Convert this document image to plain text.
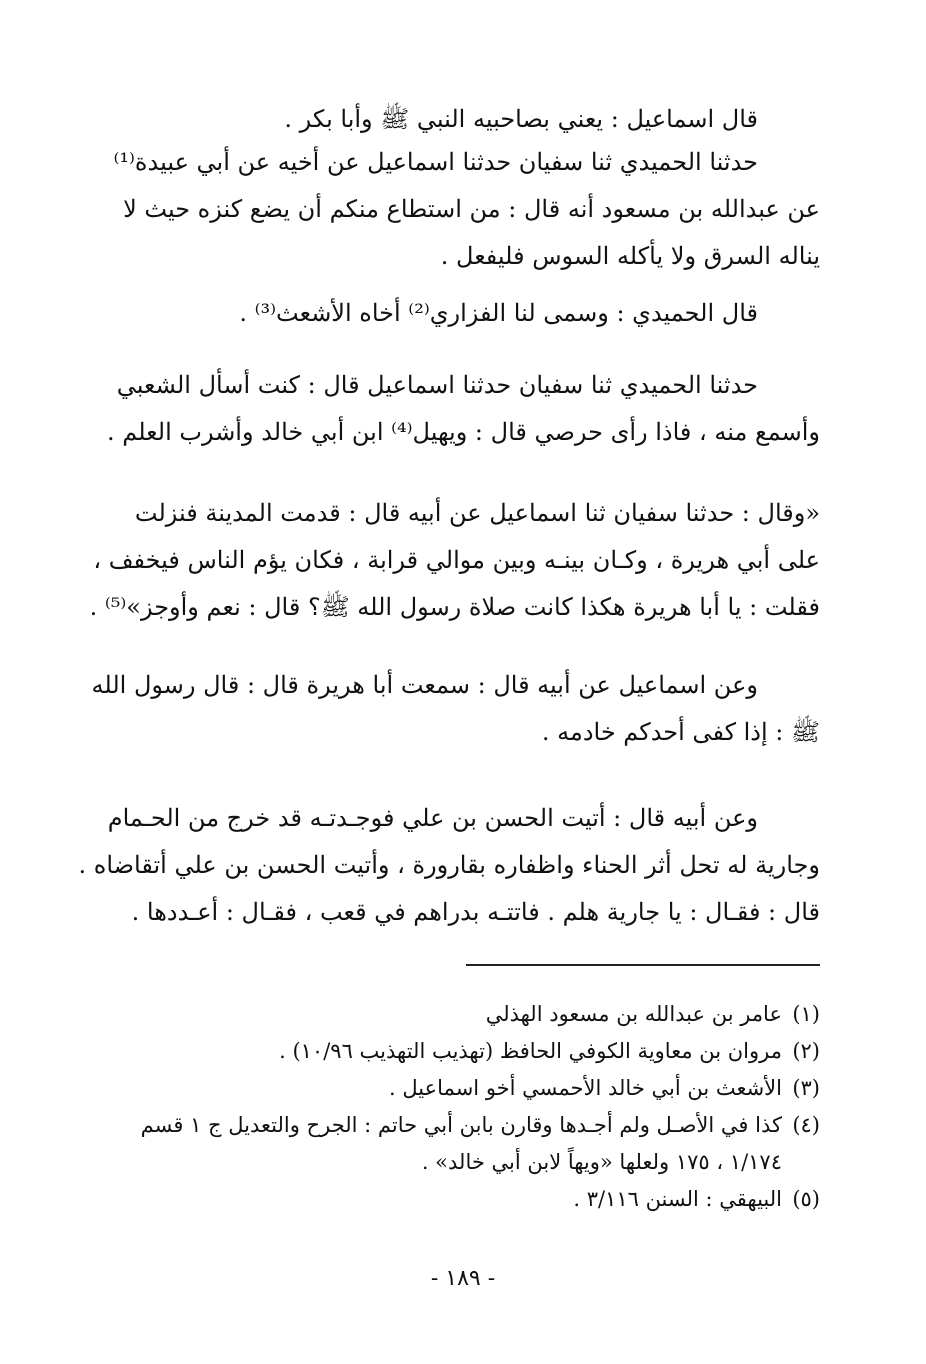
قال اسماعيل : يعني بصاحبيه النبي ﷺ وأبا بكر .
حدثنا الحميدي ثنا سفيان حدثنا اسماعيل عن أخيه عن أبي عبيدة⁽¹⁾
عن عبدالله بن مسعود أنه قال : من استطاع منكم أن يضع كنزه حيث لا
يناله السرق ولا يأكله السوس فليفعل .
قال الحميدي : وسمى لنا الفزاري⁽²⁾ أخاه الأشعث⁽³⁾ .
حدثنا الحميدي ثنا سفيان حدثنا اسماعيل قال : كنت أسأل الشعبي
وأسمع منه ، فاذا رأى حرصي قال : ويهيل⁽⁴⁾ ابن أبي خالد وأشرب العلم .
«وقال : حدثنا سفيان ثنا اسماعيل عن أبيه قال : قدمت المدينة فنزلت
على أبي هريرة ، وكـان بينـه وبين موالي قرابة ، فكان يؤم الناس فيخفف ،
فقلت : يا أبا هريرة هكذا كانت صلاة رسول الله ﷺ؟ قال : نعم وأوجز»⁽⁵⁾ .
وعن اسماعيل عن أبيه قال : سمعت أبا هريرة قال : قال رسول الله
ﷺ : إذا كفى أحدكم خادمه .
وعن أبيه قال : أتيت الحسن بن علي فوجـدتـه قد خرج من الحـمام
وجارية له تحل أثر الحناء واظفاره بقارورة ، وأتيت الحسن بن علي أتقاضاه .
قال : فقـال : يا جارية هلم . فاتتـه بدراهم في قعب ، فقـال : أعـددها .
(١)عامر بن عبدالله بن مسعود الهذلي
(٢)مروان بن معاوية الكوفي الحافظ (تهذيب التهذيب ١٠/٩٦) .
(٣)الأشعث بن أبي خالد الأحمسي أخو اسماعيل .
(٤)كذا في الأصـل ولم أجـدها وقارن بابن أبي حاتم : الجرح والتعديل ج ١ قسم
١/١٧٤ ، ١٧٥ ولعلها «ويهاً لابن أبي خالد» .
(٥)البيهقي : السنن ٣/١١٦ .
- ١٨٩ -
